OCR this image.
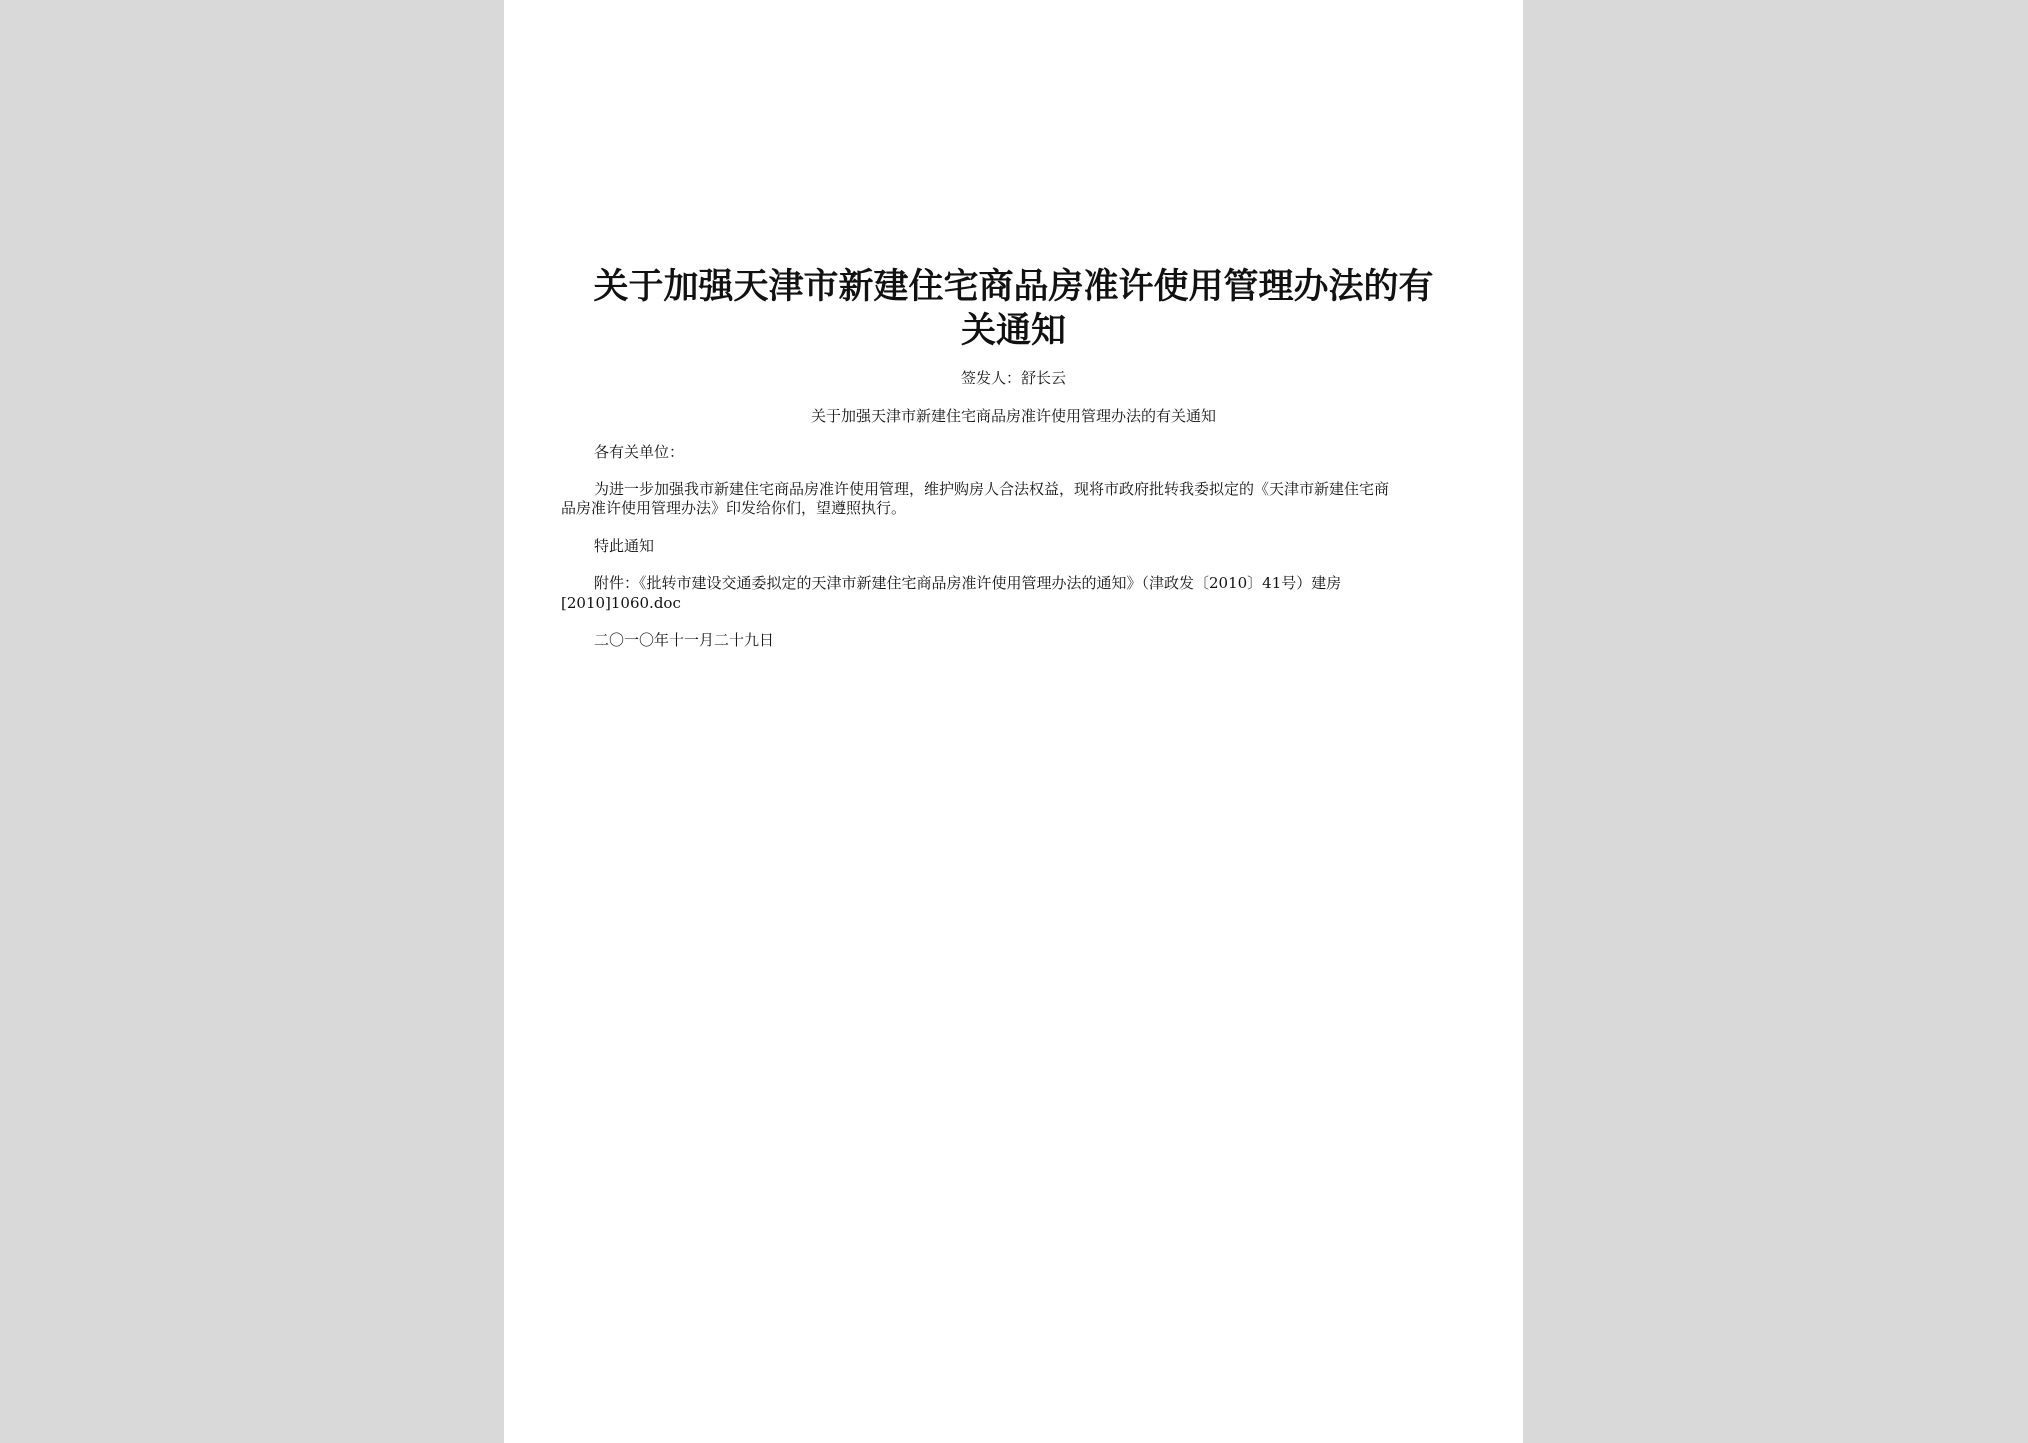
关于加强天津市新建住宅商品房准许使用管理办法的有
关通知

签发人：舒长云

关于加强天津市新建住宅商品房准许使用管理办法的有关通知

各有关单位：

为进一步加强我市新建住宅商品房准许使用管理，维护购房人合法权益，现将市政府批转我委拟定的《天津市新建住宅商

品房准许使用管理办法》印发给你们，望遵照执行。

特此通知

附件：《批转市建设交通委拟定的天津市新建住宅商品房准许使用管理办法的通知》（津政发〔2010〕41号）建房

[2010]1060.doc

二〇一〇年十一月二十九日
